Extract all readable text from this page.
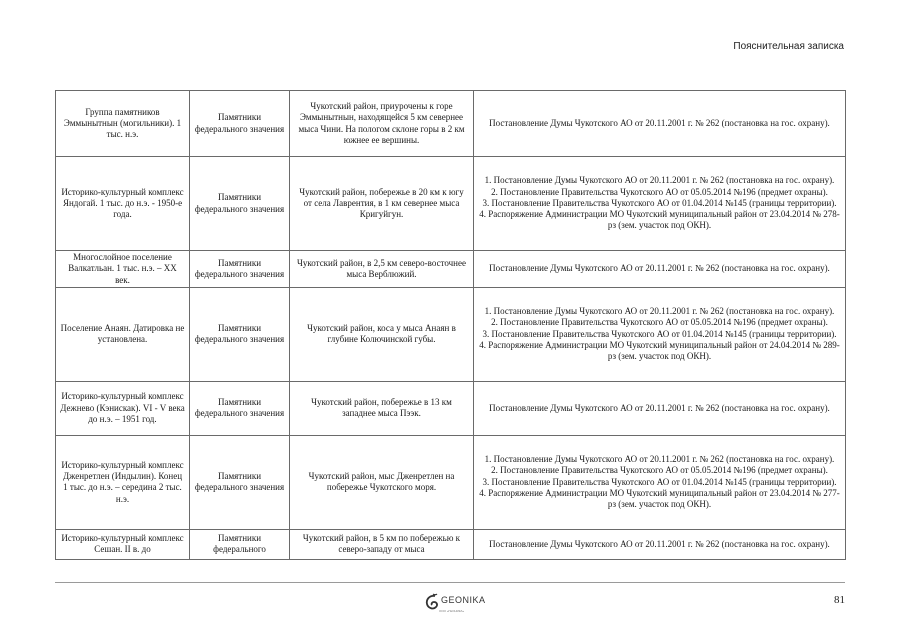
Пояснительная записка
Группа памятников Эммынытнын (могильники). 1 тыс. н.э.	Памятники федерального значения	Чукотский район, приурочены к горе Эммынытнын, находящейся 5 км севернее мыса Чини. На пологом склоне горы в 2 км южнее ее вершины.	Постановление Думы Чукотского АО от 20.11.2001 г. № 262 (постановка на гос. охрану).

Историко-культурный комплекс Яндогай. 1 тыс. до н.э. - 1950-е года.	Памятники федерального значения	Чукотский район, побережье в 20 км к югу от села Лаврентия, в 1 км севернее мыса Кригуйгун.	1. Постановление Думы Чукотского АО от 20.11.2001 г. № 262 (постановка на гос. охрану).
2. Постановление Правительства Чукотского АО от 05.05.2014 №196 (предмет охраны).
3. Постановление Правительства Чукотского АО от 01.04.2014 №145 (границы территории).
4. Распоряжение Администрации МО Чукотский муниципальный район от 23.04.2014 № 278-рз (зем. участок под ОКН).

Многослойное поселение Валкатльан. 1 тыс. н.э. – XX век.	Памятники федерального значения	Чукотский район, в 2,5 км северо-восточнее мыса Верблюжий.	Постановление Думы Чукотского АО от 20.11.2001 г. № 262 (постановка на гос. охрану).

Поселение Анаян. Датировка не установлена.	Памятники федерального значения	Чукотский район, коса у мыса Анаян в глубине Колючинской губы.	1. Постановление Думы Чукотского АО от 20.11.2001 г. № 262 (постановка на гос. охрану).
2. Постановление Правительства Чукотского АО от 05.05.2014 №196 (предмет охраны).
3. Постановление Правительства Чукотского АО от 01.04.2014 №145 (границы территории).
4. Распоряжение Администрации МО Чукотский муниципальный район от 24.04.2014 № 289-рз (зем. участок под ОКН).

Историко-культурный комплекс Дежнево (Кэнискак). VI - V века до н.э. – 1951 год.	Памятники федерального значения	Чукотский район, побережье в 13 км западнее мыса Пээк.	Постановление Думы Чукотского АО от 20.11.2001 г. № 262 (постановка на гос. охрану).

Историко-культурный комплекс Дженретлен (Индылин). Конец 1 тыс. до н.э. – середина 2 тыс. н.э.	Памятники федерального значения	Чукотский район, мыс Дженретлен на побережье Чукотского моря.	1. Постановление Думы Чукотского АО от 20.11.2001 г. № 262 (постановка на гос. охрану).
2. Постановление Правительства Чукотского АО от 05.05.2014 №196 (предмет охраны).
3. Постановление Правительства Чукотского АО от 01.04.2014 №145 (границы территории).
4. Распоряжение Администрации МО Чукотский муниципальный район от 23.04.2014 № 277-рз (зем. участок под ОКН).

Историко-культурный комплекс Сешан. II в. до	Памятники федерального	Чукотский район, в 5 км по побережью к северо-западу от мыса	Постановление Думы Чукотского АО от 20.11.2001 г. № 262 (постановка на гос. охрану).
GEONIKA
ООО «ГЕОНИКА»
81
